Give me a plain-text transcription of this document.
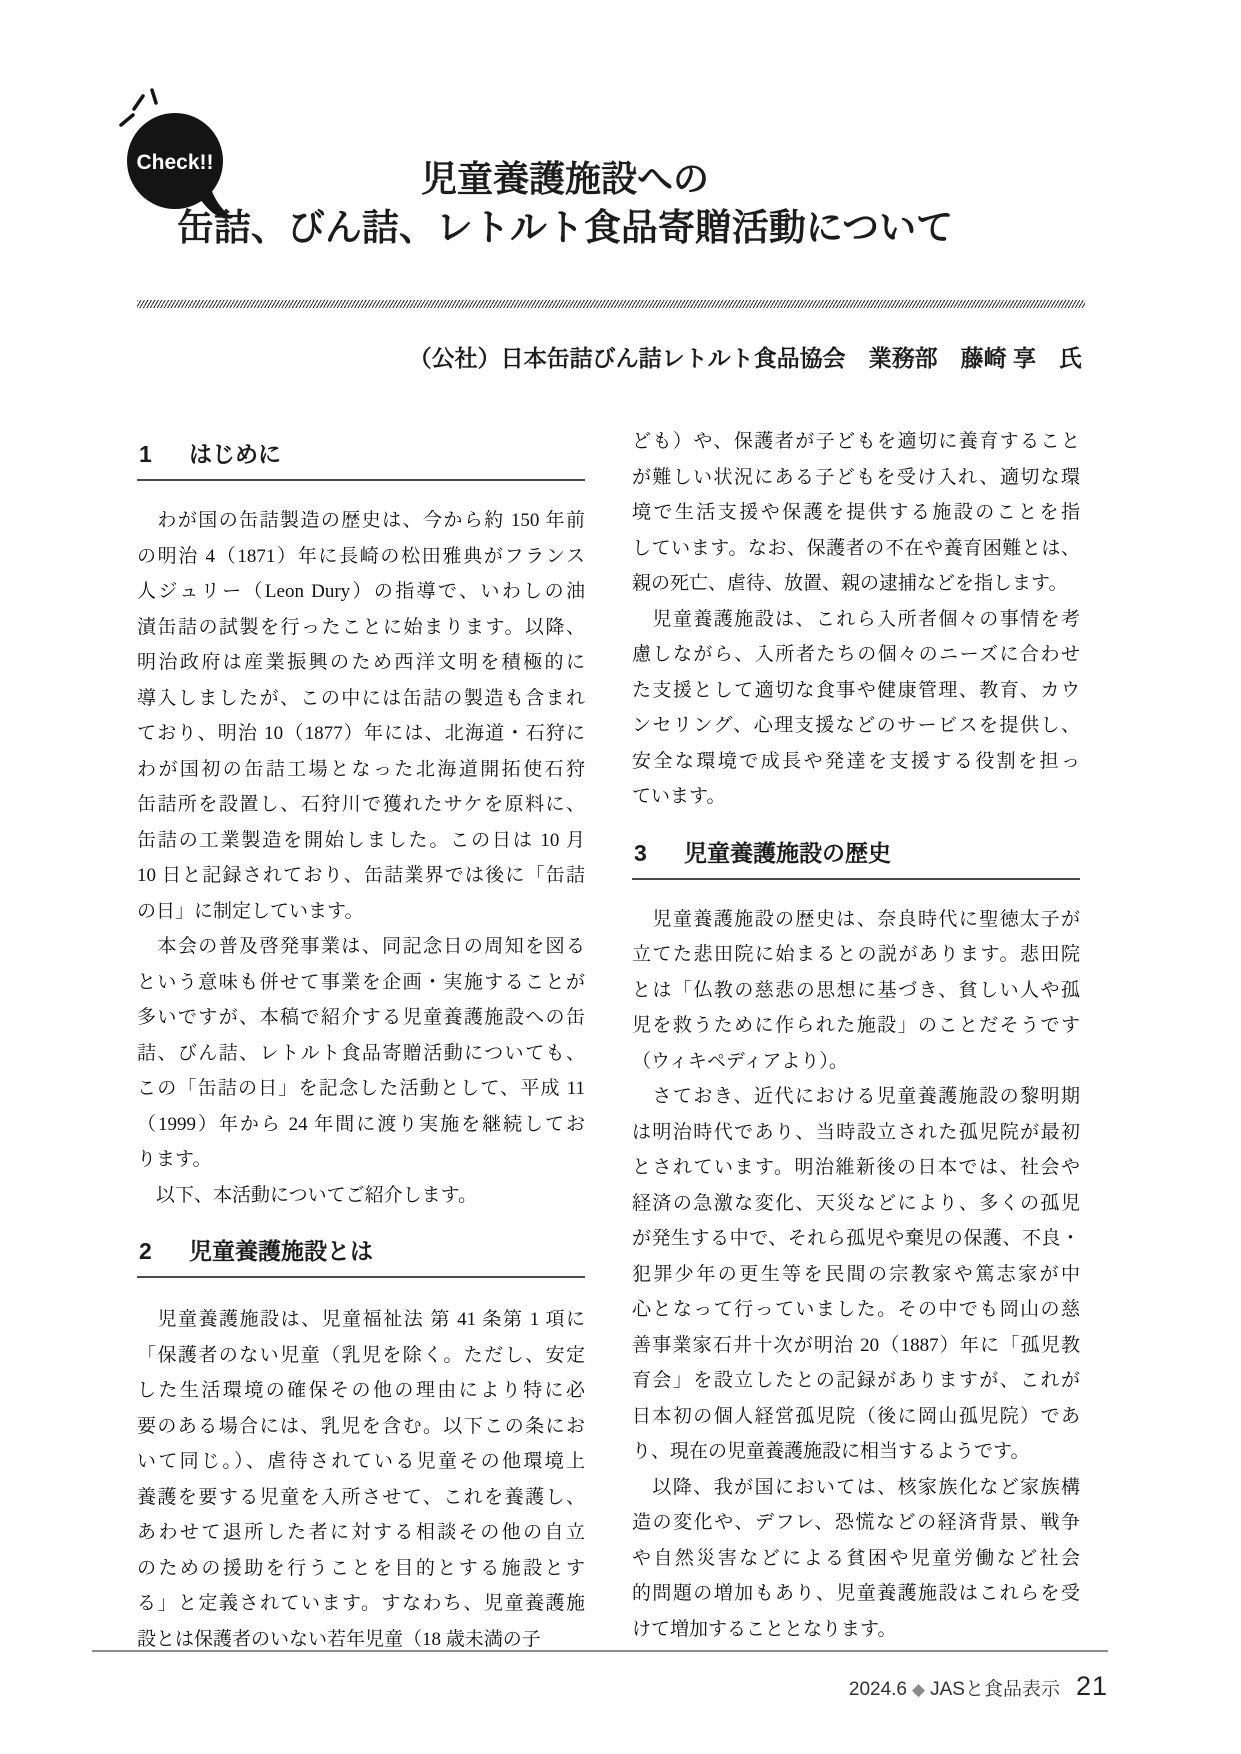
Check!!	児童養護施設への
缶詰、びん詰、レトルト食品寄贈活動について
（公社）日本缶詰びん詰レトルト食品協会　業務部　藤崎 享　氏
1 はじめに
　わが国の缶詰製造の歴史は、今から約 150 年前
の明治 4（1871）年に長崎の松田雅典がフランス
人ジュリー（Leon Dury）の指導で、いわしの油
漬缶詰の試製を行ったことに始まります。以降、
明治政府は産業振興のため西洋文明を積極的に
導入しましたが、この中には缶詰の製造も含まれ
ており、明治 10（1877）年には、北海道・石狩に
わが国初の缶詰工場となった北海道開拓使石狩
缶詰所を設置し、石狩川で獲れたサケを原料に、
缶詰の工業製造を開始しました。この日は 10 月
10 日と記録されており、缶詰業界では後に「缶詰
の日」に制定しています。
　本会の普及啓発事業は、同記念日の周知を図る
という意味も併せて事業を企画・実施することが
多いですが、本稿で紹介する児童養護施設への缶
詰、びん詰、レトルト食品寄贈活動についても、
この「缶詰の日」を記念した活動として、平成 11
（1999）年から 24 年間に渡り実施を継続してお
ります。
　以下、本活動についてご紹介します。
2 児童養護施設とは
　児童養護施設は、児童福祉法 第 41 条第 1 項に
「保護者のない児童（乳児を除く。ただし、安定
した生活環境の確保その他の理由により特に必
要のある場合には、乳児を含む。以下この条にお
いて同じ。）、虐待されている児童その他環境上
養護を要する児童を入所させて、これを養護し、
あわせて退所した者に対する相談その他の自立
のための援助を行うことを目的とする施設とす
る」と定義されています。すなわち、児童養護施
設とは保護者のいない若年児童（18 歳未満の子
ども）や、保護者が子どもを適切に養育すること
が難しい状況にある子どもを受け入れ、適切な環
境で生活支援や保護を提供する施設のことを指
しています。なお、保護者の不在や養育困難とは、
親の死亡、虐待、放置、親の逮捕などを指します。
　児童養護施設は、これら入所者個々の事情を考
慮しながら、入所者たちの個々のニーズに合わせ
た支援として適切な食事や健康管理、教育、カウ
ンセリング、心理支援などのサービスを提供し、
安全な環境で成長や発達を支援する役割を担っ
ています。
3 児童養護施設の歴史
　児童養護施設の歴史は、奈良時代に聖徳太子が
立てた悲田院に始まるとの説があります。悲田院
とは「仏教の慈悲の思想に基づき、貧しい人や孤
児を救うために作られた施設」のことだそうです
（ウィキペディアより）。
　さておき、近代における児童養護施設の黎明期
は明治時代であり、当時設立された孤児院が最初
とされています。明治維新後の日本では、社会や
経済の急激な変化、天災などにより、多くの孤児
が発生する中で、それら孤児や棄児の保護、不良・
犯罪少年の更生等を民間の宗教家や篤志家が中
心となって行っていました。その中でも岡山の慈
善事業家石井十次が明治 20（1887）年に「孤児教
育会」を設立したとの記録がありますが、これが
日本初の個人経営孤児院（後に岡山孤児院）であ
り、現在の児童養護施設に相当するようです。
　以降、我が国においては、核家族化など家族構
造の変化や、デフレ、恐慌などの経済背景、戦争
や自然災害などによる貧困や児童労働など社会
的問題の増加もあり、児童養護施設はこれらを受
けて増加することとなります。
2024.6 ◆ JASと食品表示 21
